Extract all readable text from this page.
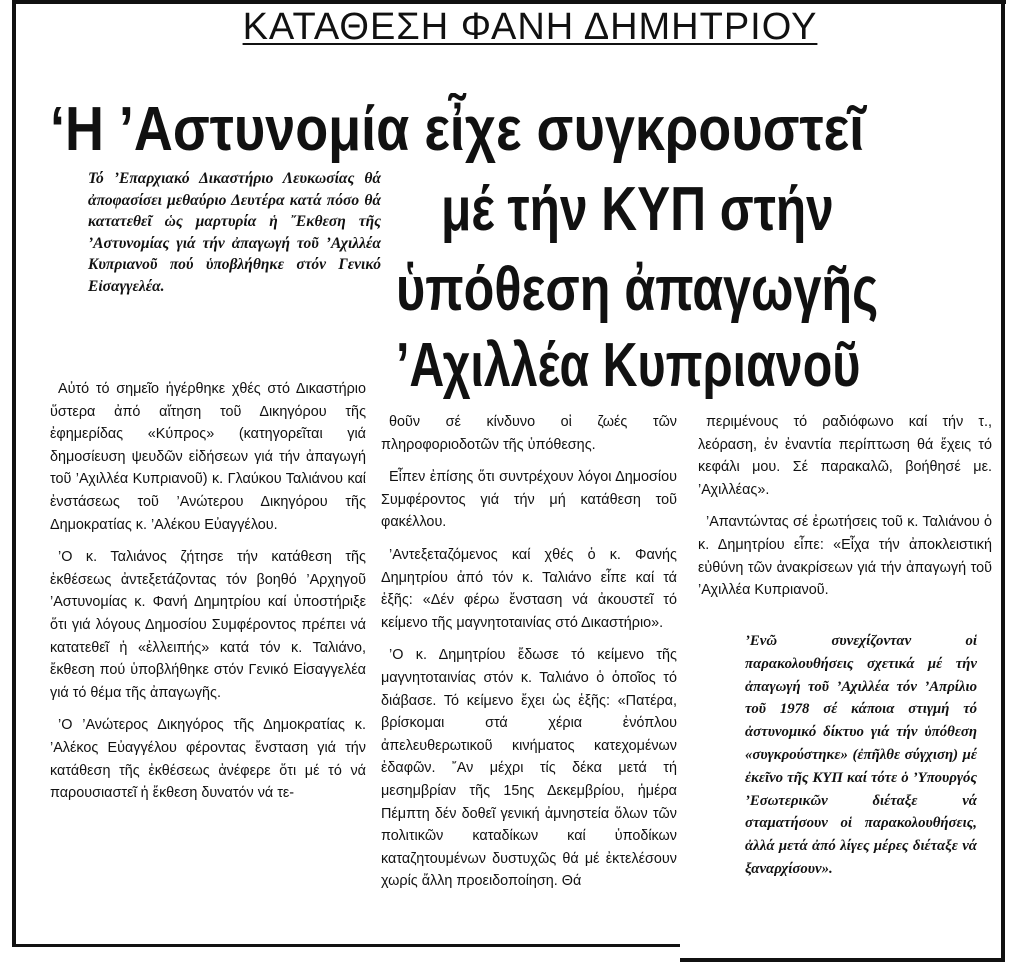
ΚΑΤΑΘΕΣΗ ΦΑΝΗ ΔΗΜΗΤΡΙΟΥ
‘Η ’Αστυνομία εἶχε συγκρουστεῖ
μέ τήν ΚΥΠ στήν
ὑπόθεση ἀπαγωγῆς
’Αχιλλέα Κυπριανοῦ
Τό ’Επαρχιακό Δικαστήριο Λευκωσίας θά ἀποφασίσει μεθαύριο Δευτέρα κατά πόσο θά κατατεθεῖ ὡς μαρτυρία ἡ ῎Εκθεση τῆς ’Αστυνομίας γιά τήν ἀπαγωγή τοῦ ’Αχιλλέα Κυπριανοῦ πού ὑποβλήθηκε στόν Γενικό Εἰσαγγελέα.

Αὐτό τό σημεῖο ἠγέρθηκε χθές στό Δικαστήριο ὕστερα ἀπό αἴτηση τοῦ Δικηγόρου τῆς ἐφημερίδας «Κύπρος» (κατηγορεῖται γιά δημοσίευση ψευδῶν εἰδήσεων γιά τήν ἀπαγωγή τοῦ ’Αχιλλέα Κυπριανοῦ) κ. Γλαύκου Ταλιάνου καί ἐνστάσεως τοῦ ’Ανώτερου Δικηγόρου τῆς Δημοκρατίας κ. ’Αλέκου Εὐαγγέλου.

’Ο κ. Ταλιάνος ζήτησε τήν κατάθεση τῆς ἐκθέσεως ἀντεξετάζοντας τόν βοηθό ’Αρχηγοῦ ’Αστυνομίας κ. Φανή Δημητρίου καί ὑποστήριξε ὅτι γιά λόγους Δημοσίου Συμφέροντος πρέπει νά κατατεθεῖ ἡ «ἐλλειπής» κατά τόν κ. Ταλιάνο, ἔκθεση πού ὑποβλήθηκε στόν Γενικό Εἰσαγγελέα γιά τό θέμα τῆς ἀπαγωγῆς.

’Ο ’Ανώτερος Δικηγόρος τῆς Δημοκρατίας κ. ’Αλέκος Εὐαγγέλου φέροντας ἔνσταση γιά τήν κατάθεση τῆς ἐκθέσεως ἀνέφερε ὅτι μέ τό νά παρουσιαστεῖ ἡ ἔκθεση δυνατόν νά τε-

θοῦν σέ κίνδυνο οἱ ζωές τῶν πληροφοριοδοτῶν τῆς ὑπόθεσης.

Εἶπεν ἐπίσης ὅτι συντρέχουν λόγοι Δημοσίου Συμφέροντος γιά τήν μή κατάθεση τοῦ φακέλλου.

’Αντεξεταζόμενος καί χθές ὁ κ. Φανής Δημητρίου ἀπό τόν κ. Ταλιάνο εἶπε καί τά ἑξῆς: «Δέν φέρω ἔνσταση νά ἀκουστεῖ τό κείμενο τῆς μαγνητοταινίας στό Δικαστήριο».

’Ο κ. Δημητρίου ἔδωσε τό κείμενο τῆς μαγνητοταινίας στόν κ. Ταλιάνο ὁ ὁποῖος τό διάβασε. Τό κείμενο ἔχει ὡς ἑξῆς: «Πατέρα, βρίσκομαι στά χέρια ἐνόπλου ἀπελευθερωτικοῦ κινήματος κατεχομένων ἐδαφῶν. ῎Αν μέχρι τίς δέκα μετά τή μεσημβρίαν τῆς 15ης Δεκεμβρίου, ἡμέρα Πέμπτη δέν δοθεῖ γενική ἀμνηστεία ὅλων τῶν πολιτικῶν καταδίκων καί ὑποδίκων καταζητουμένων δυστυχῶς θά μέ ἐκτελέσουν χωρίς ἄλλη προειδοποίηση. Θά

περιμένους τό ραδιόφωνο καί τήν τ., λεόραση, ἐν ἐναντία περίπτωση θά ἔχεις τό κεφάλι μου. Σέ παρακαλῶ, βοήθησέ με. ’Αχιλλέας».

’Απαντώντας σέ ἐρωτήσεις τοῦ κ. Ταλιάνου ὁ κ. Δημητρίου εἶπε: «Εἶχα τήν ἀποκλειστική εὐθύνη τῶν ἀνακρίσεων γιά τήν ἀπαγωγή τοῦ ’Αχιλλέα Κυπριανοῦ.

’Ενῶ συνεχίζονταν οἱ παρακολουθήσεις σχετικά μέ τήν ἀπαγωγή τοῦ ’Αχιλλέα τόν ’Απρίλιο τοῦ 1978 σέ κάποια στιγμή τό ἀστυνομικό δίκτυο γιά τήν ὑπόθεση «συγκρούστηκε» (ἐπῆλθε σύγχιση) μέ ἐκεῖνο τῆς ΚΥΠ καί τότε ὁ ’Υπουργός ’Εσωτερικῶν διέταξε νά σταματήσουν οἱ παρακολουθήσεις, ἀλλά μετά ἀπό λίγες μέρες διέταξε νά ξαναρχίσουν».
